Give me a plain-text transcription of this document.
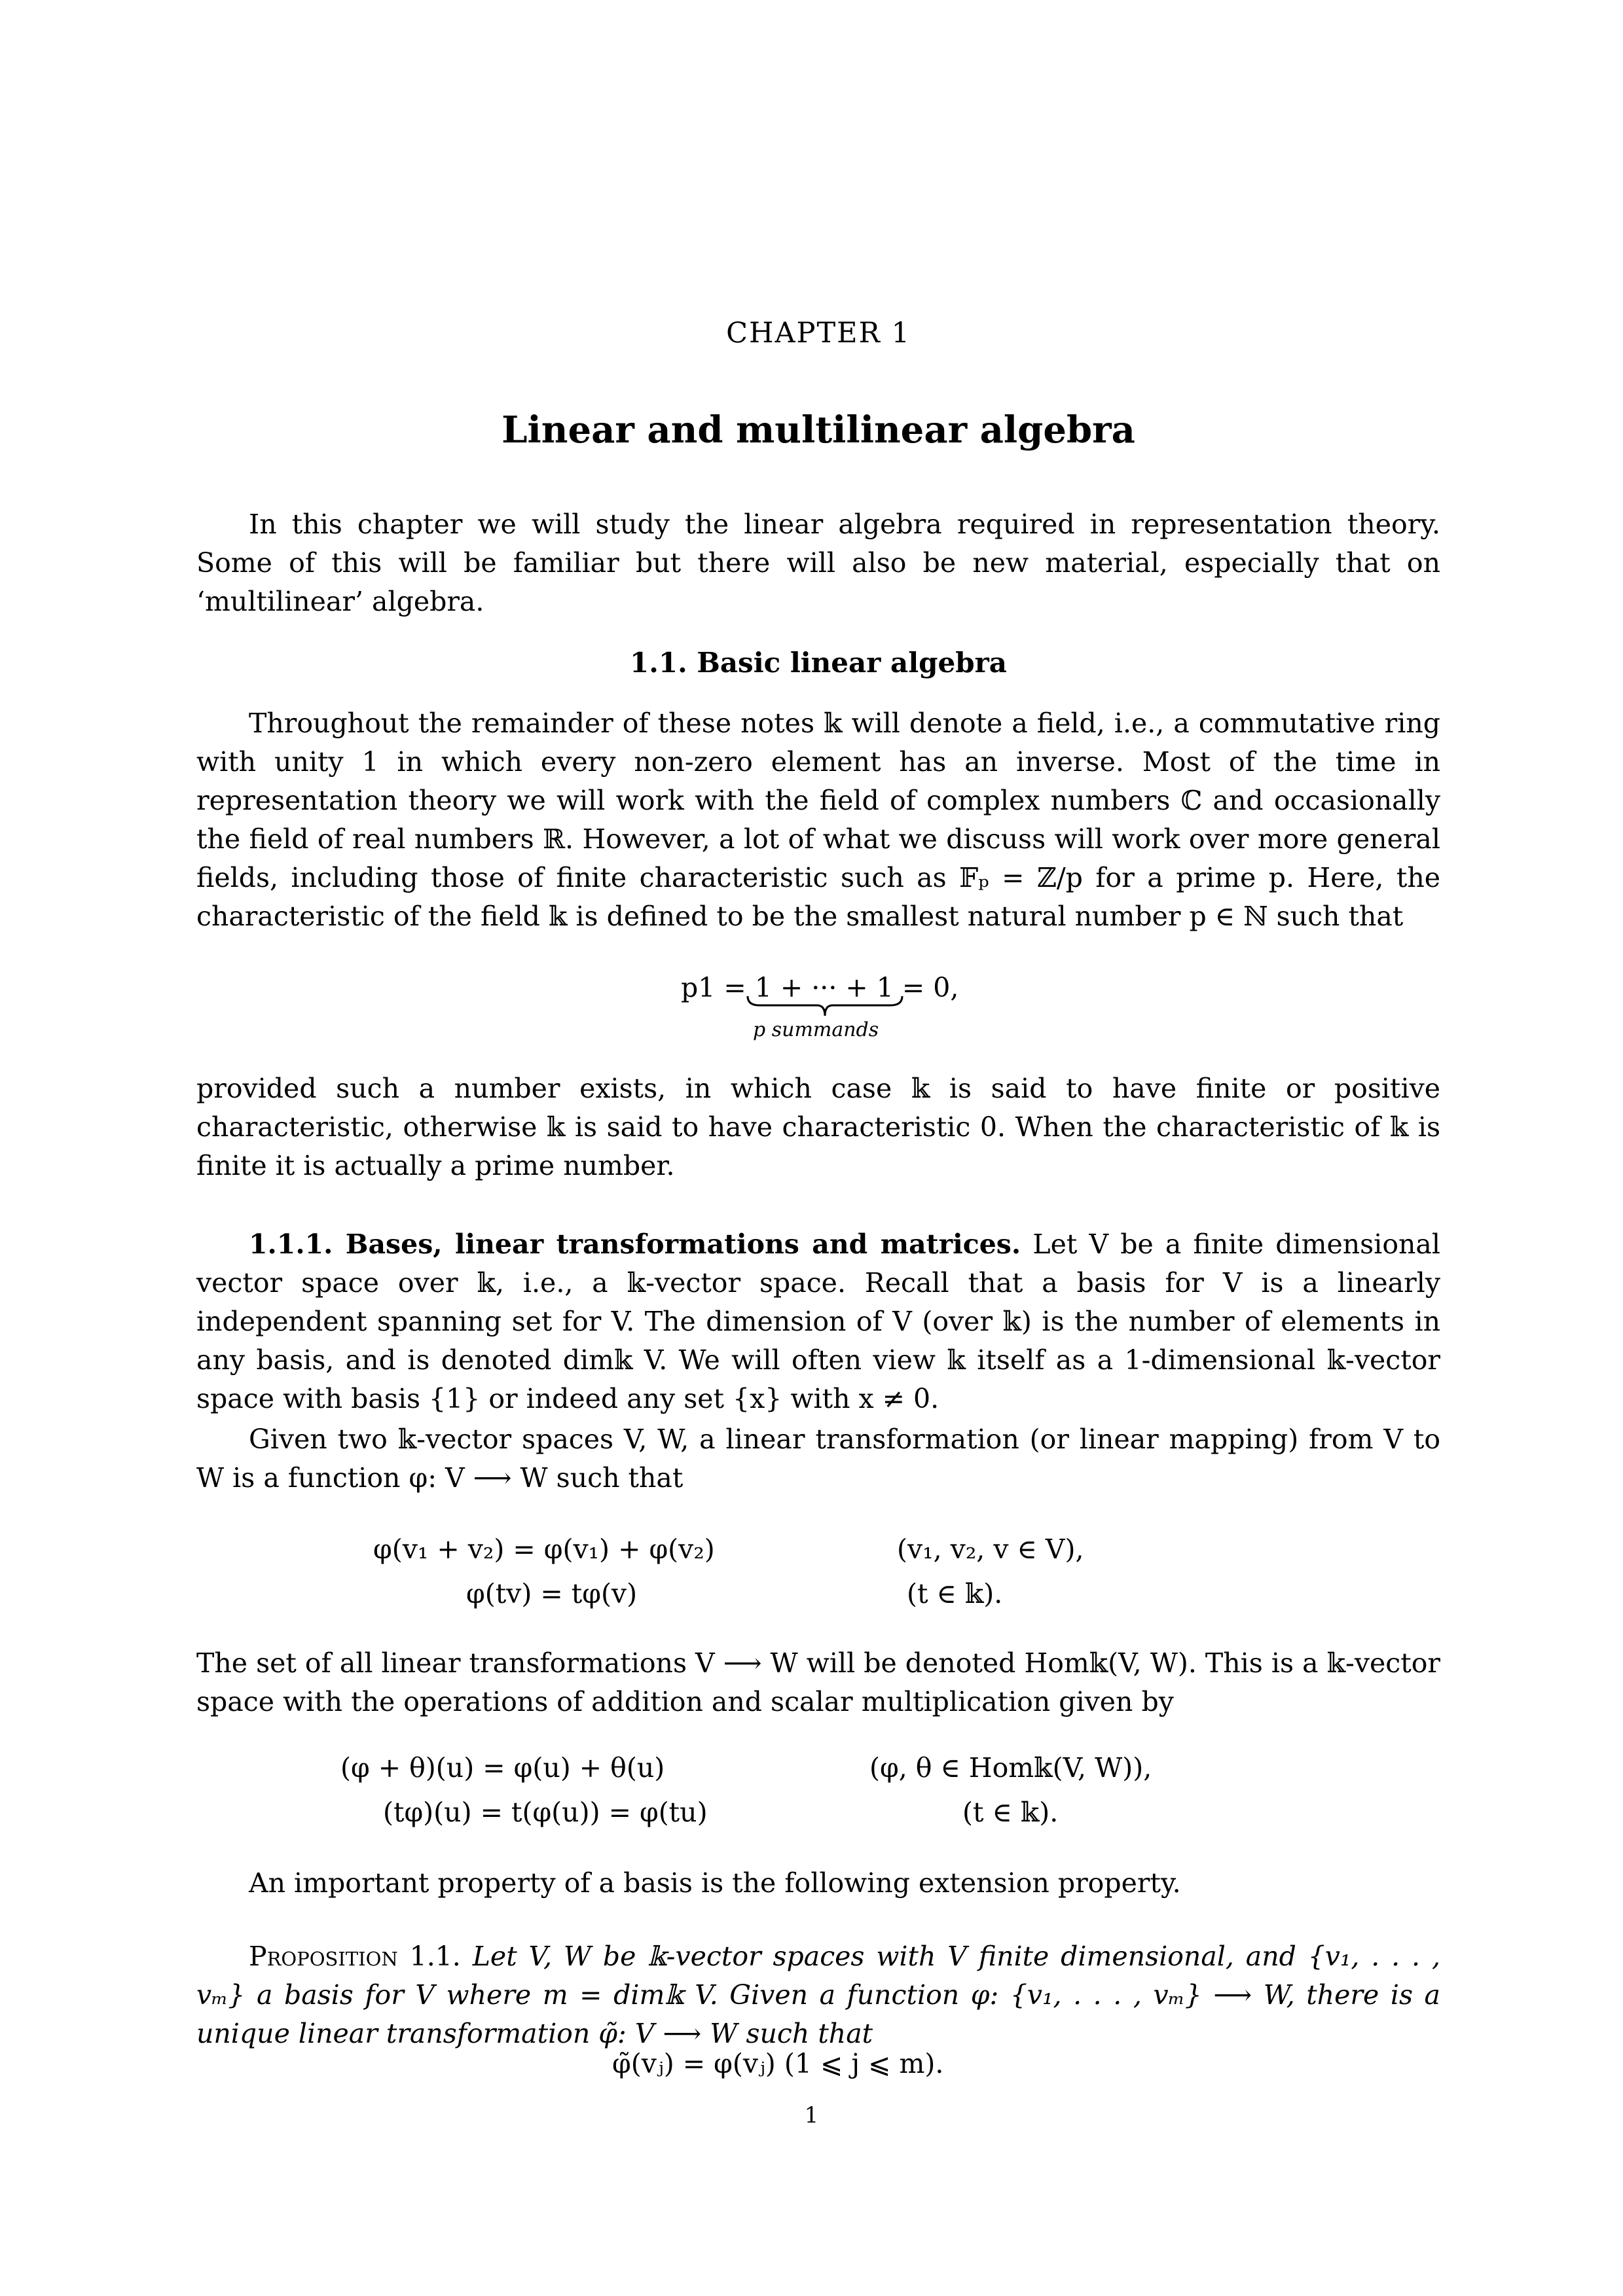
CHAPTER 1
Linear and multilinear algebra
In this chapter we will study the linear algebra required in representation theory. Some of this will be familiar but there will also be new material, especially that on ‘multilinear’ algebra.
1.1. Basic linear algebra
Throughout the remainder of these notes 𝕜 will denote a field, i.e., a commutative ring with unity 1 in which every non-zero element has an inverse. Most of the time in representation theory we will work with the field of complex numbers ℂ and occasionally the field of real numbers ℝ. However, a lot of what we discuss will work over more general fields, including those of finite characteristic such as 𝔽ₚ = ℤ/p for a prime p. Here, the characteristic of the field 𝕜 is defined to be the smallest natural number p ∈ ℕ such that
p1 = 1 + ··· + 1 = 0,
p summands
provided such a number exists, in which case 𝕜 is said to have finite or positive characteristic, otherwise 𝕜 is said to have characteristic 0. When the characteristic of 𝕜 is finite it is actually a prime number.
1.1.1. Bases, linear transformations and matrices. Let V be a finite dimensional vector space over 𝕜, i.e., a 𝕜-vector space. Recall that a basis for V is a linearly independent spanning set for V. The dimension of V (over 𝕜) is the number of elements in any basis, and is denoted dim𝕜 V. We will often view 𝕜 itself as a 1-dimensional 𝕜-vector space with basis {1} or indeed any set {x} with x ≠ 0.
Given two 𝕜-vector spaces V, W, a linear transformation (or linear mapping) from V to W is a function φ: V ⟶ W such that
φ(v₁ + v₂) = φ(v₁) + φ(v₂)	(v₁, v₂, v ∈ V),
φ(tv) = tφ(v)	(t ∈ 𝕜).
The set of all linear transformations V ⟶ W will be denoted Hom𝕜(V, W). This is a 𝕜-vector space with the operations of addition and scalar multiplication given by
(φ + θ)(u) = φ(u) + θ(u)	(φ, θ ∈ Hom𝕜(V, W)),
(tφ)(u) = t(φ(u)) = φ(tu)	(t ∈ 𝕜).
An important property of a basis is the following extension property.
Proposition 1.1. Let V, W be 𝕜-vector spaces with V finite dimensional, and {v₁, . . . , vₘ} a basis for V where m = dim𝕜 V. Given a function φ: {v₁, . . . , vₘ} ⟶ W, there is a unique linear transformation φ̃: V ⟶ W such that
φ̃(vⱼ) = φ(vⱼ) (1 ⩽ j ⩽ m).
1
